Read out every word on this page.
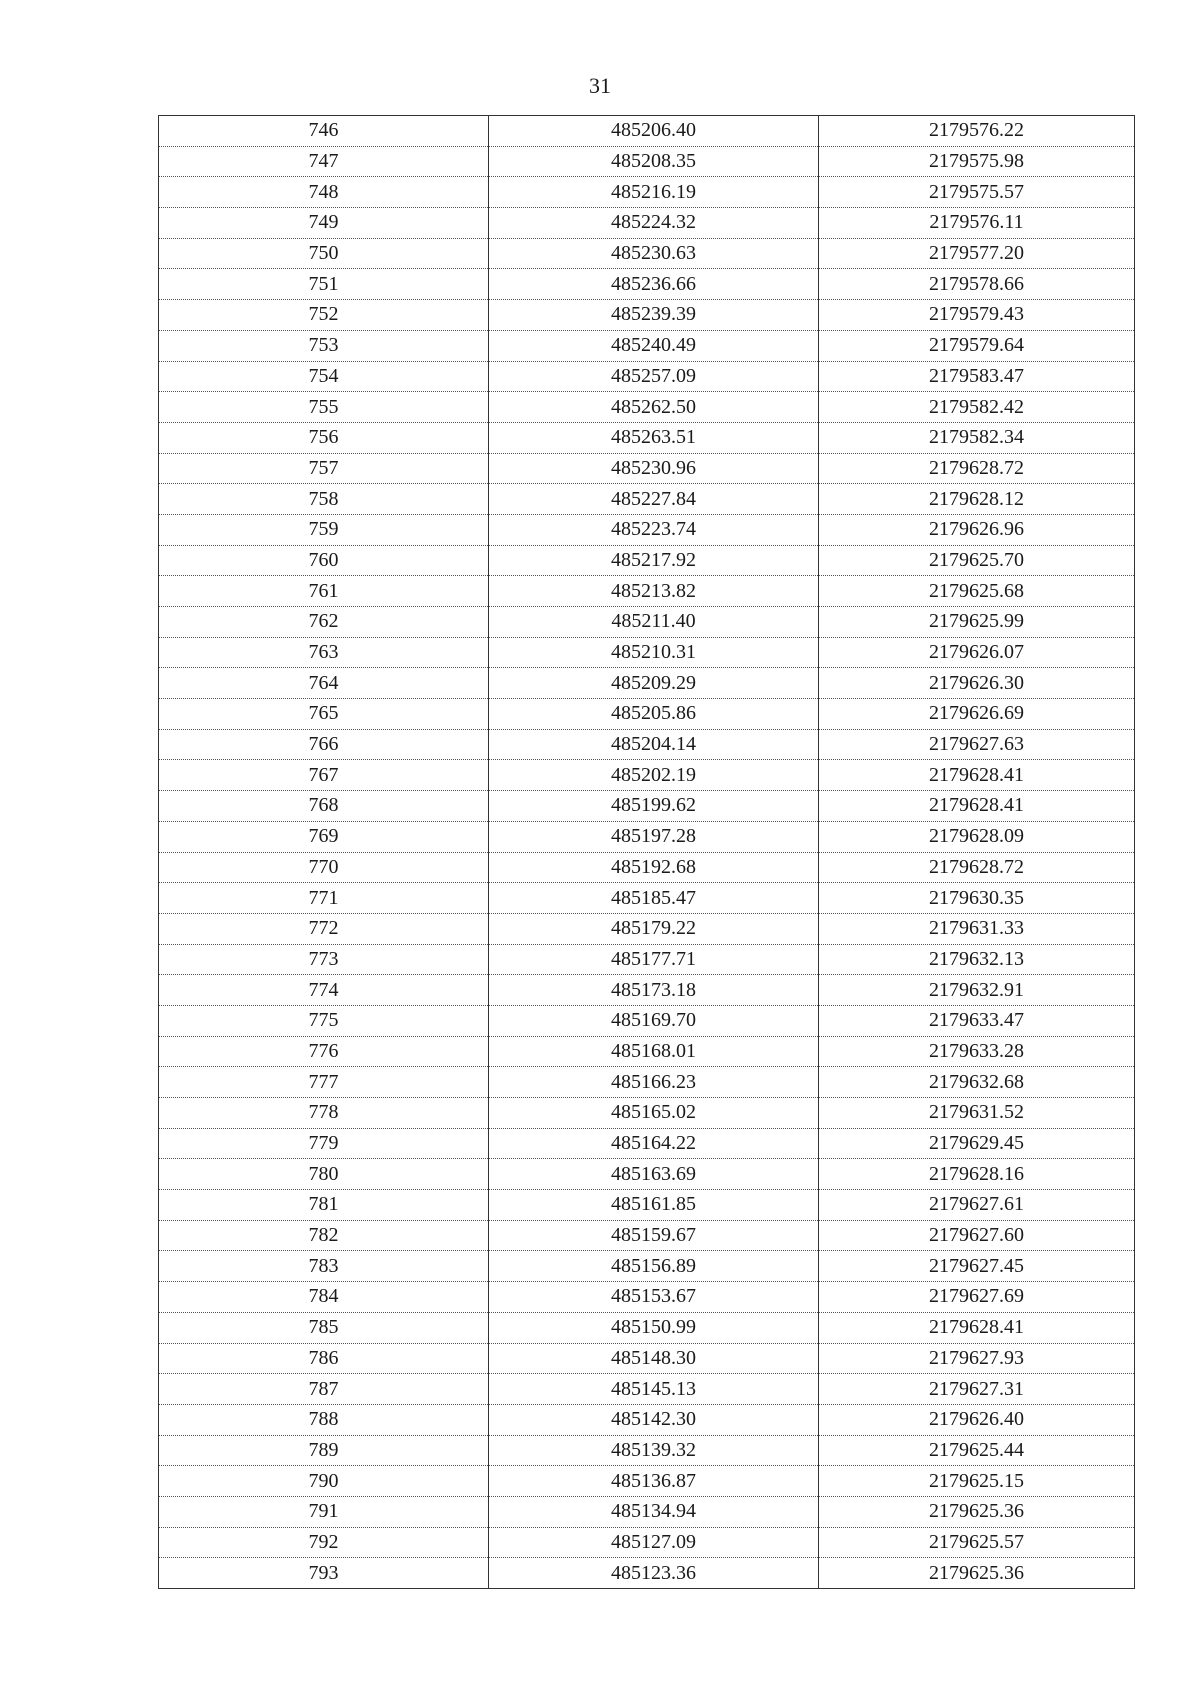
31
746	485206.40	2179576.22
747	485208.35	2179575.98
748	485216.19	2179575.57
749	485224.32	2179576.11
750	485230.63	2179577.20
751	485236.66	2179578.66
752	485239.39	2179579.43
753	485240.49	2179579.64
754	485257.09	2179583.47
755	485262.50	2179582.42
756	485263.51	2179582.34
757	485230.96	2179628.72
758	485227.84	2179628.12
759	485223.74	2179626.96
760	485217.92	2179625.70
761	485213.82	2179625.68
762	485211.40	2179625.99
763	485210.31	2179626.07
764	485209.29	2179626.30
765	485205.86	2179626.69
766	485204.14	2179627.63
767	485202.19	2179628.41
768	485199.62	2179628.41
769	485197.28	2179628.09
770	485192.68	2179628.72
771	485185.47	2179630.35
772	485179.22	2179631.33
773	485177.71	2179632.13
774	485173.18	2179632.91
775	485169.70	2179633.47
776	485168.01	2179633.28
777	485166.23	2179632.68
778	485165.02	2179631.52
779	485164.22	2179629.45
780	485163.69	2179628.16
781	485161.85	2179627.61
782	485159.67	2179627.60
783	485156.89	2179627.45
784	485153.67	2179627.69
785	485150.99	2179628.41
786	485148.30	2179627.93
787	485145.13	2179627.31
788	485142.30	2179626.40
789	485139.32	2179625.44
790	485136.87	2179625.15
791	485134.94	2179625.36
792	485127.09	2179625.57
793	485123.36	2179625.36
